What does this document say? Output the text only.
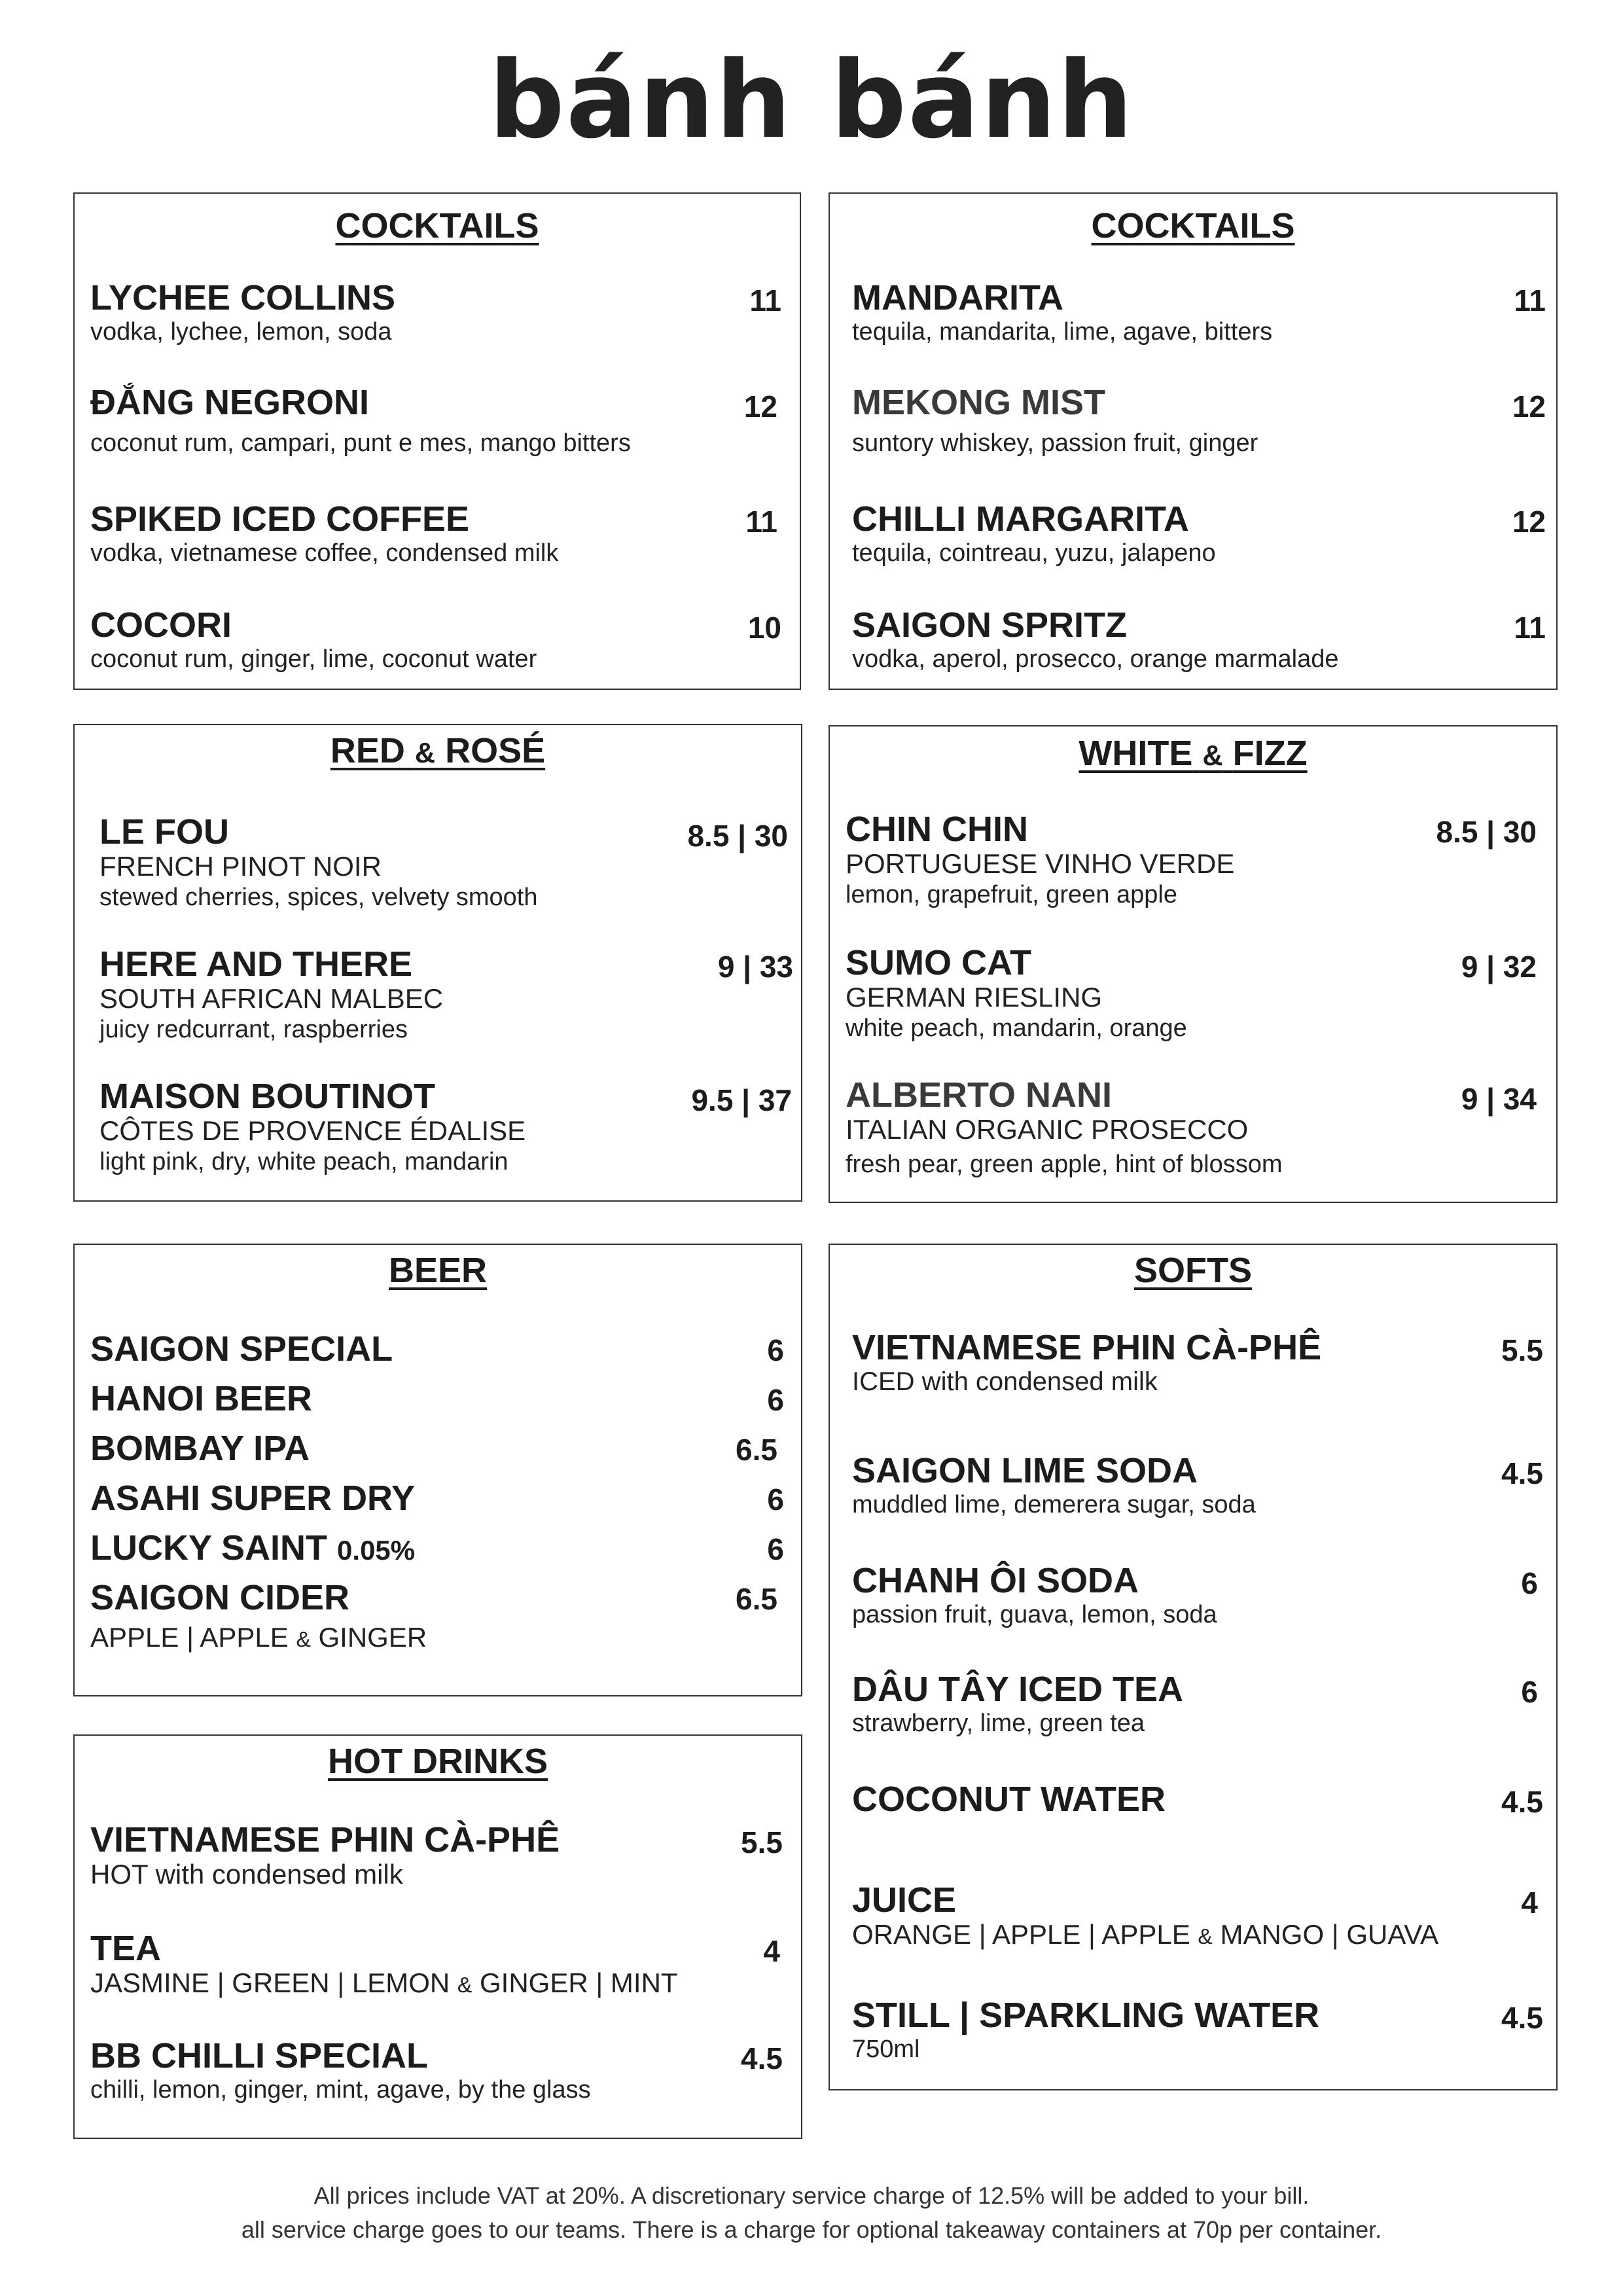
bánh bánh
COCKTAILS
LYCHEE COLLINS
vodka, lychee, lemon, soda
11
ĐẮNG NEGRONI
coconut rum, campari, punt e mes, mango bitters
12
SPIKED ICED COFFEE
vodka, vietnamese coffee, condensed milk
11
COCORI
coconut rum, ginger, lime, coconut water
10
COCKTAILS
MANDARITA
tequila, mandarita, lime, agave, bitters
11
MEKONG MIST
suntory whiskey, passion fruit, ginger
12
CHILLI MARGARITA
tequila, cointreau, yuzu, jalapeno
12
SAIGON SPRITZ
vodka, aperol, prosecco, orange marmalade
11
RED & ROSÉ
LE FOU
FRENCH PINOT NOIR
stewed cherries, spices, velvety smooth
8.5 | 30
HERE AND THERE
SOUTH AFRICAN MALBEC
juicy redcurrant, raspberries
9 | 33
MAISON BOUTINOT
CÔTES DE PROVENCE ÉDALISE
light pink, dry, white peach, mandarin
9.5 | 37
WHITE & FIZZ
CHIN CHIN
PORTUGUESE VINHO VERDE
lemon, grapefruit, green apple
8.5 | 30
SUMO CAT
GERMAN RIESLING
white peach, mandarin, orange
9 | 32
ALBERTO NANI
ITALIAN ORGANIC PROSECCO
fresh pear, green apple, hint of blossom
9 | 34
BEER
SAIGON SPECIAL	6
HANOI BEER	6
BOMBAY IPA	6.5
ASAHI SUPER DRY	6
LUCKY SAINT 0.05%	6
SAIGON CIDER
APPLE | APPLE & GINGER
6.5
HOT DRINKS
VIETNAMESE PHIN CÀ-PHÊ
HOT with condensed milk
5.5
TEA
JASMINE | GREEN | LEMON & GINGER | MINT
4
BB CHILLI SPECIAL
chilli, lemon, ginger, mint, agave, by the glass
4.5
SOFTS
VIETNAMESE PHIN CÀ-PHÊ
ICED with condensed milk
5.5
SAIGON LIME SODA
muddled lime, demerera sugar, soda
4.5
CHANH ÔI SODA
passion fruit, guava, lemon, soda
6
DÂU TÂY ICED TEA
strawberry, lime, green tea
6
COCONUT WATER	4.5
JUICE
ORANGE | APPLE | APPLE & MANGO | GUAVA
4
STILL | SPARKLING WATER
750ml
4.5
All prices include VAT at 20%. A discretionary service charge of 12.5% will be added to your bill.
all service charge goes to our teams. There is a charge for optional takeaway containers at 70p per container.
